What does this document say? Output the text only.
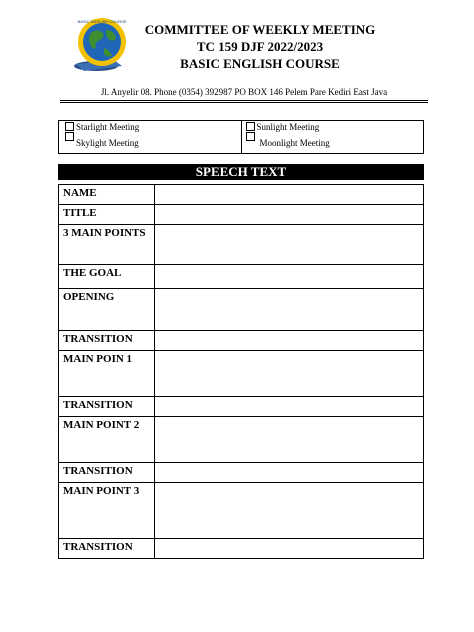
BASIC ENGLISH COURSE
COMMITTEE OF WEEKLY MEETING
TC 159 DJF 2022/2023
BASIC ENGLISH COURSE
Jl. Anyelir 08. Phone (0354) 392987 PO BOX 146 Pelem Pare Kediri East Java
Starlight Meeting
Skylight Meeting
Sunlight Meeting
Moonlight Meeting
SPEECH TEXT
NAME	
TITLE	
3 MAIN POINTS	
THE GOAL	
OPENING	
TRANSITION	
MAIN POIN 1	
TRANSITION	
MAIN POINT 2	
TRANSITION	
MAIN POINT 3	
TRANSITION	
